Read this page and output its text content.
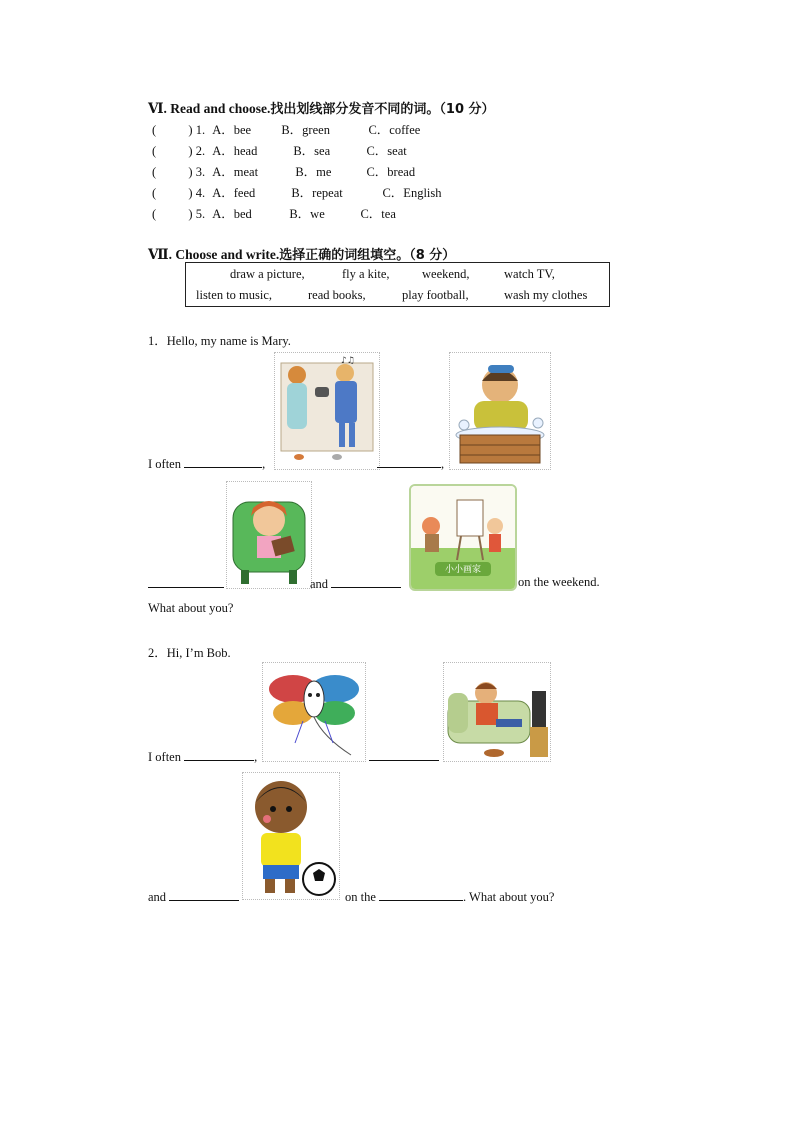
Ⅵ. Read and choose.找出划线部分发音不同的词。（10 分）
(	) 1. A．bee B．green	C．coffee
(	) 2. A．head	B．sea	C．seat
(	) 3. A．meat	B．me	C．bread
(	) 4. A．feed	B．repeat	C．English
(	) 5. A．bed	B．we	C．tea
Ⅶ. Choose and write.选择正确的词组填空。（8 分）
draw a picture,	fly a kite,	weekend,	watch TV,
listen to music,	read books,	play football,	wash my clothes
1．Hello, my name is Mary.
♪♫
I often	,	,
小小画家
and	on the weekend.
What about you?
2．Hi, I’m Bob.
I often	,
and	on the	. What about you?
